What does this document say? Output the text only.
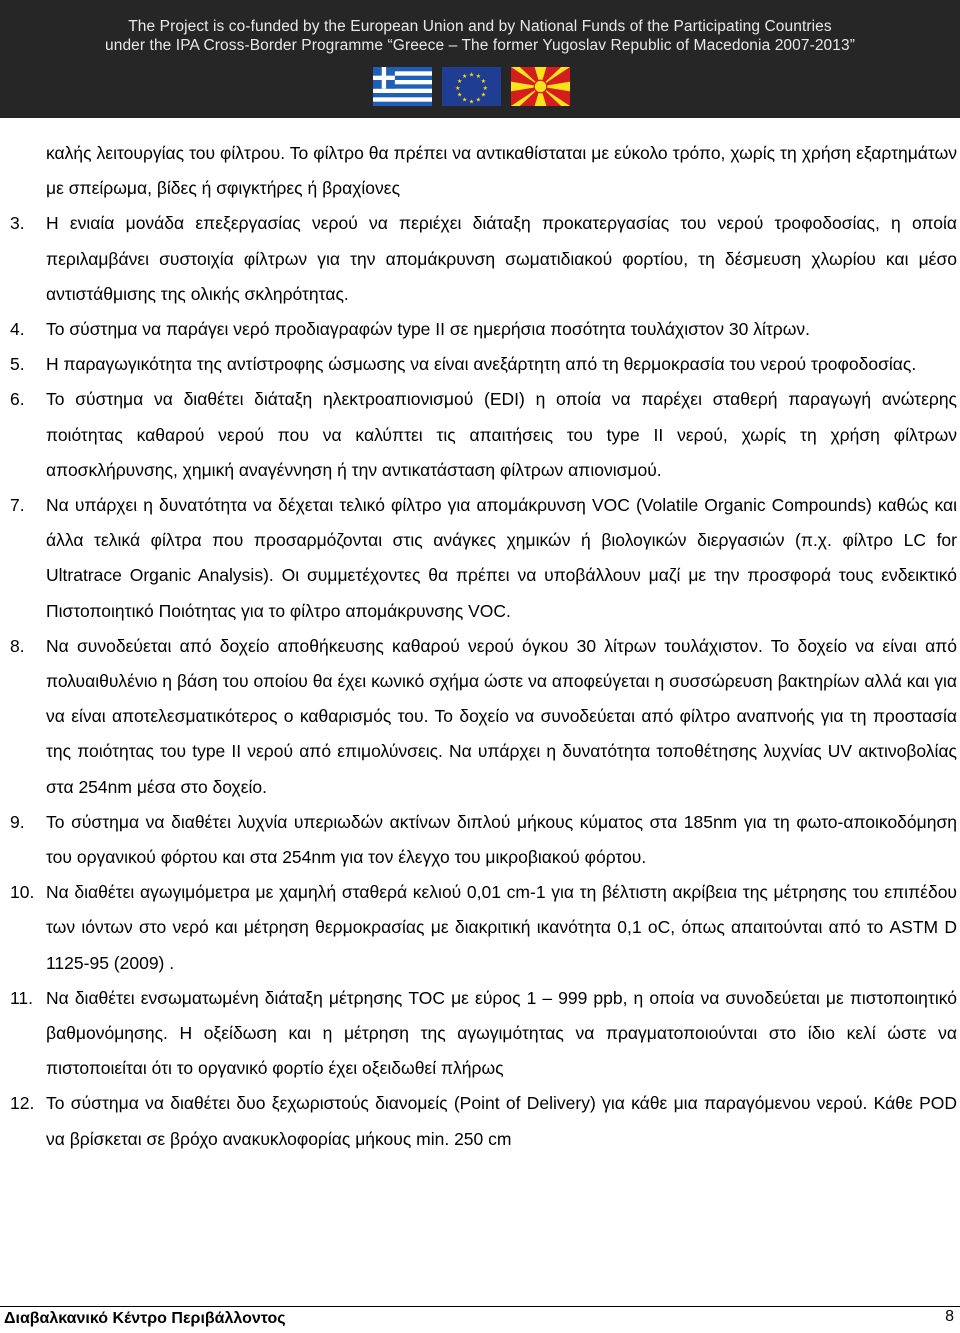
The Project is co-funded by the European Union and by National Funds of the Participating Countries
under the IPA Cross-Border Programme “Greece – The former Yugoslav Republic of Macedonia 2007-2013”
★ ★
★
★
★
★
★
★
★
★
★
★
καλής λειτουργίας του φίλτρου. Το φίλτρο θα πρέπει να αντικαθίσταται με εύκολο τρόπο, χωρίς τη χρήση εξαρτημάτων με σπείρωμα, βίδες ή σφιγκτήρες ή βραχίονες
3. Η ενιαία μονάδα επεξεργασίας νερού να περιέχει διάταξη προκατεργασίας του νερού τροφοδοσίας, η οποία περιλαμβάνει συστοιχία φίλτρων για την απομάκρυνση σωματιδιακού φορτίου, τη δέσμευση χλωρίου και μέσο αντιστάθμισης της ολικής σκληρότητας.
4. Το σύστημα να παράγει νερό προδιαγραφών type II σε ημερήσια ποσότητα τουλάχιστον 30 λίτρων.
5. Η παραγωγικότητα της αντίστροφης ώσμωσης να είναι ανεξάρτητη από τη θερμοκρασία του νερού τροφοδοσίας.
6. Το σύστημα να διαθέτει διάταξη ηλεκτροαπιονισμού (EDI) η οποία να παρέχει σταθερή παραγωγή ανώτερης ποιότητας καθαρού νερού που να καλύπτει τις απαιτήσεις του type II νερού, χωρίς τη χρήση φίλτρων αποσκλήρυνσης, χημική αναγέννηση ή την αντικατάσταση φίλτρων απιονισμού.
7. Να υπάρχει η δυνατότητα να δέχεται τελικό φίλτρο για απομάκρυνση VOC (Volatile Organic Compounds) καθώς και άλλα τελικά φίλτρα που προσαρμόζονται στις ανάγκες χημικών ή βιολογικών διεργασιών (π.χ. φίλτρο LC for Ultratrace Organic Analysis). Οι συμμετέχοντες θα πρέπει να υποβάλλουν μαζί με την προσφορά τους ενδεικτικό Πιστοποιητικό Ποιότητας για το φίλτρο απομάκρυνσης VOC.
8. Να συνοδεύεται από δοχείο αποθήκευσης καθαρού νερού όγκου 30 λίτρων τουλάχιστον. Το δοχείο να είναι από πολυαιθυλένιο η βάση του οποίου θα έχει κωνικό σχήμα ώστε να αποφεύγεται η συσσώρευση βακτηρίων αλλά και για να είναι αποτελεσματικότερος ο καθαρισμός του. Το δοχείο να συνοδεύεται από φίλτρο αναπνοής για τη προστασία της ποιότητας του type II νερού από επιμολύνσεις. Να υπάρχει η δυνατότητα τοποθέτησης λυχνίας UV ακτινοβολίας στα 254nm μέσα στο δοχείο.
9. Το σύστημα να διαθέτει λυχνία υπεριωδών ακτίνων διπλού μήκους κύματος στα 185nm για τη φωτο-αποικοδόμηση του οργανικού φόρτου και στα 254nm για τον έλεγχο του μικροβιακού φόρτου.
10. Να διαθέτει αγωγιμόμετρα με χαμηλή σταθερά κελιού 0,01 cm-1 για τη βέλτιστη ακρίβεια της μέτρησης του επιπέδου των ιόντων στο νερό και μέτρηση θερμοκρασίας με διακριτική ικανότητα 0,1 oC, όπως απαιτούνται από το ASTM D 1125-95 (2009) .
11. Να διαθέτει ενσωματωμένη διάταξη μέτρησης TOC με εύρος 1 – 999 ppb, η οποία να συνοδεύεται με πιστοποιητικό βαθμονόμησης. Η οξείδωση και η μέτρηση της αγωγιμότητας να πραγματοποιούνται στο ίδιο κελί ώστε να πιστοποιείται ότι το οργανικό φορτίο έχει οξειδωθεί πλήρως
12. Το σύστημα να διαθέτει δυο ξεχωριστούς διανομείς (Point of Delivery) για κάθε μια παραγόμενου νερού. Κάθε POD να βρίσκεται σε βρόχο ανακυκλοφορίας μήκους min. 250 cm
Διαβαλκανικό Κέντρο Περιβάλλοντος	8
